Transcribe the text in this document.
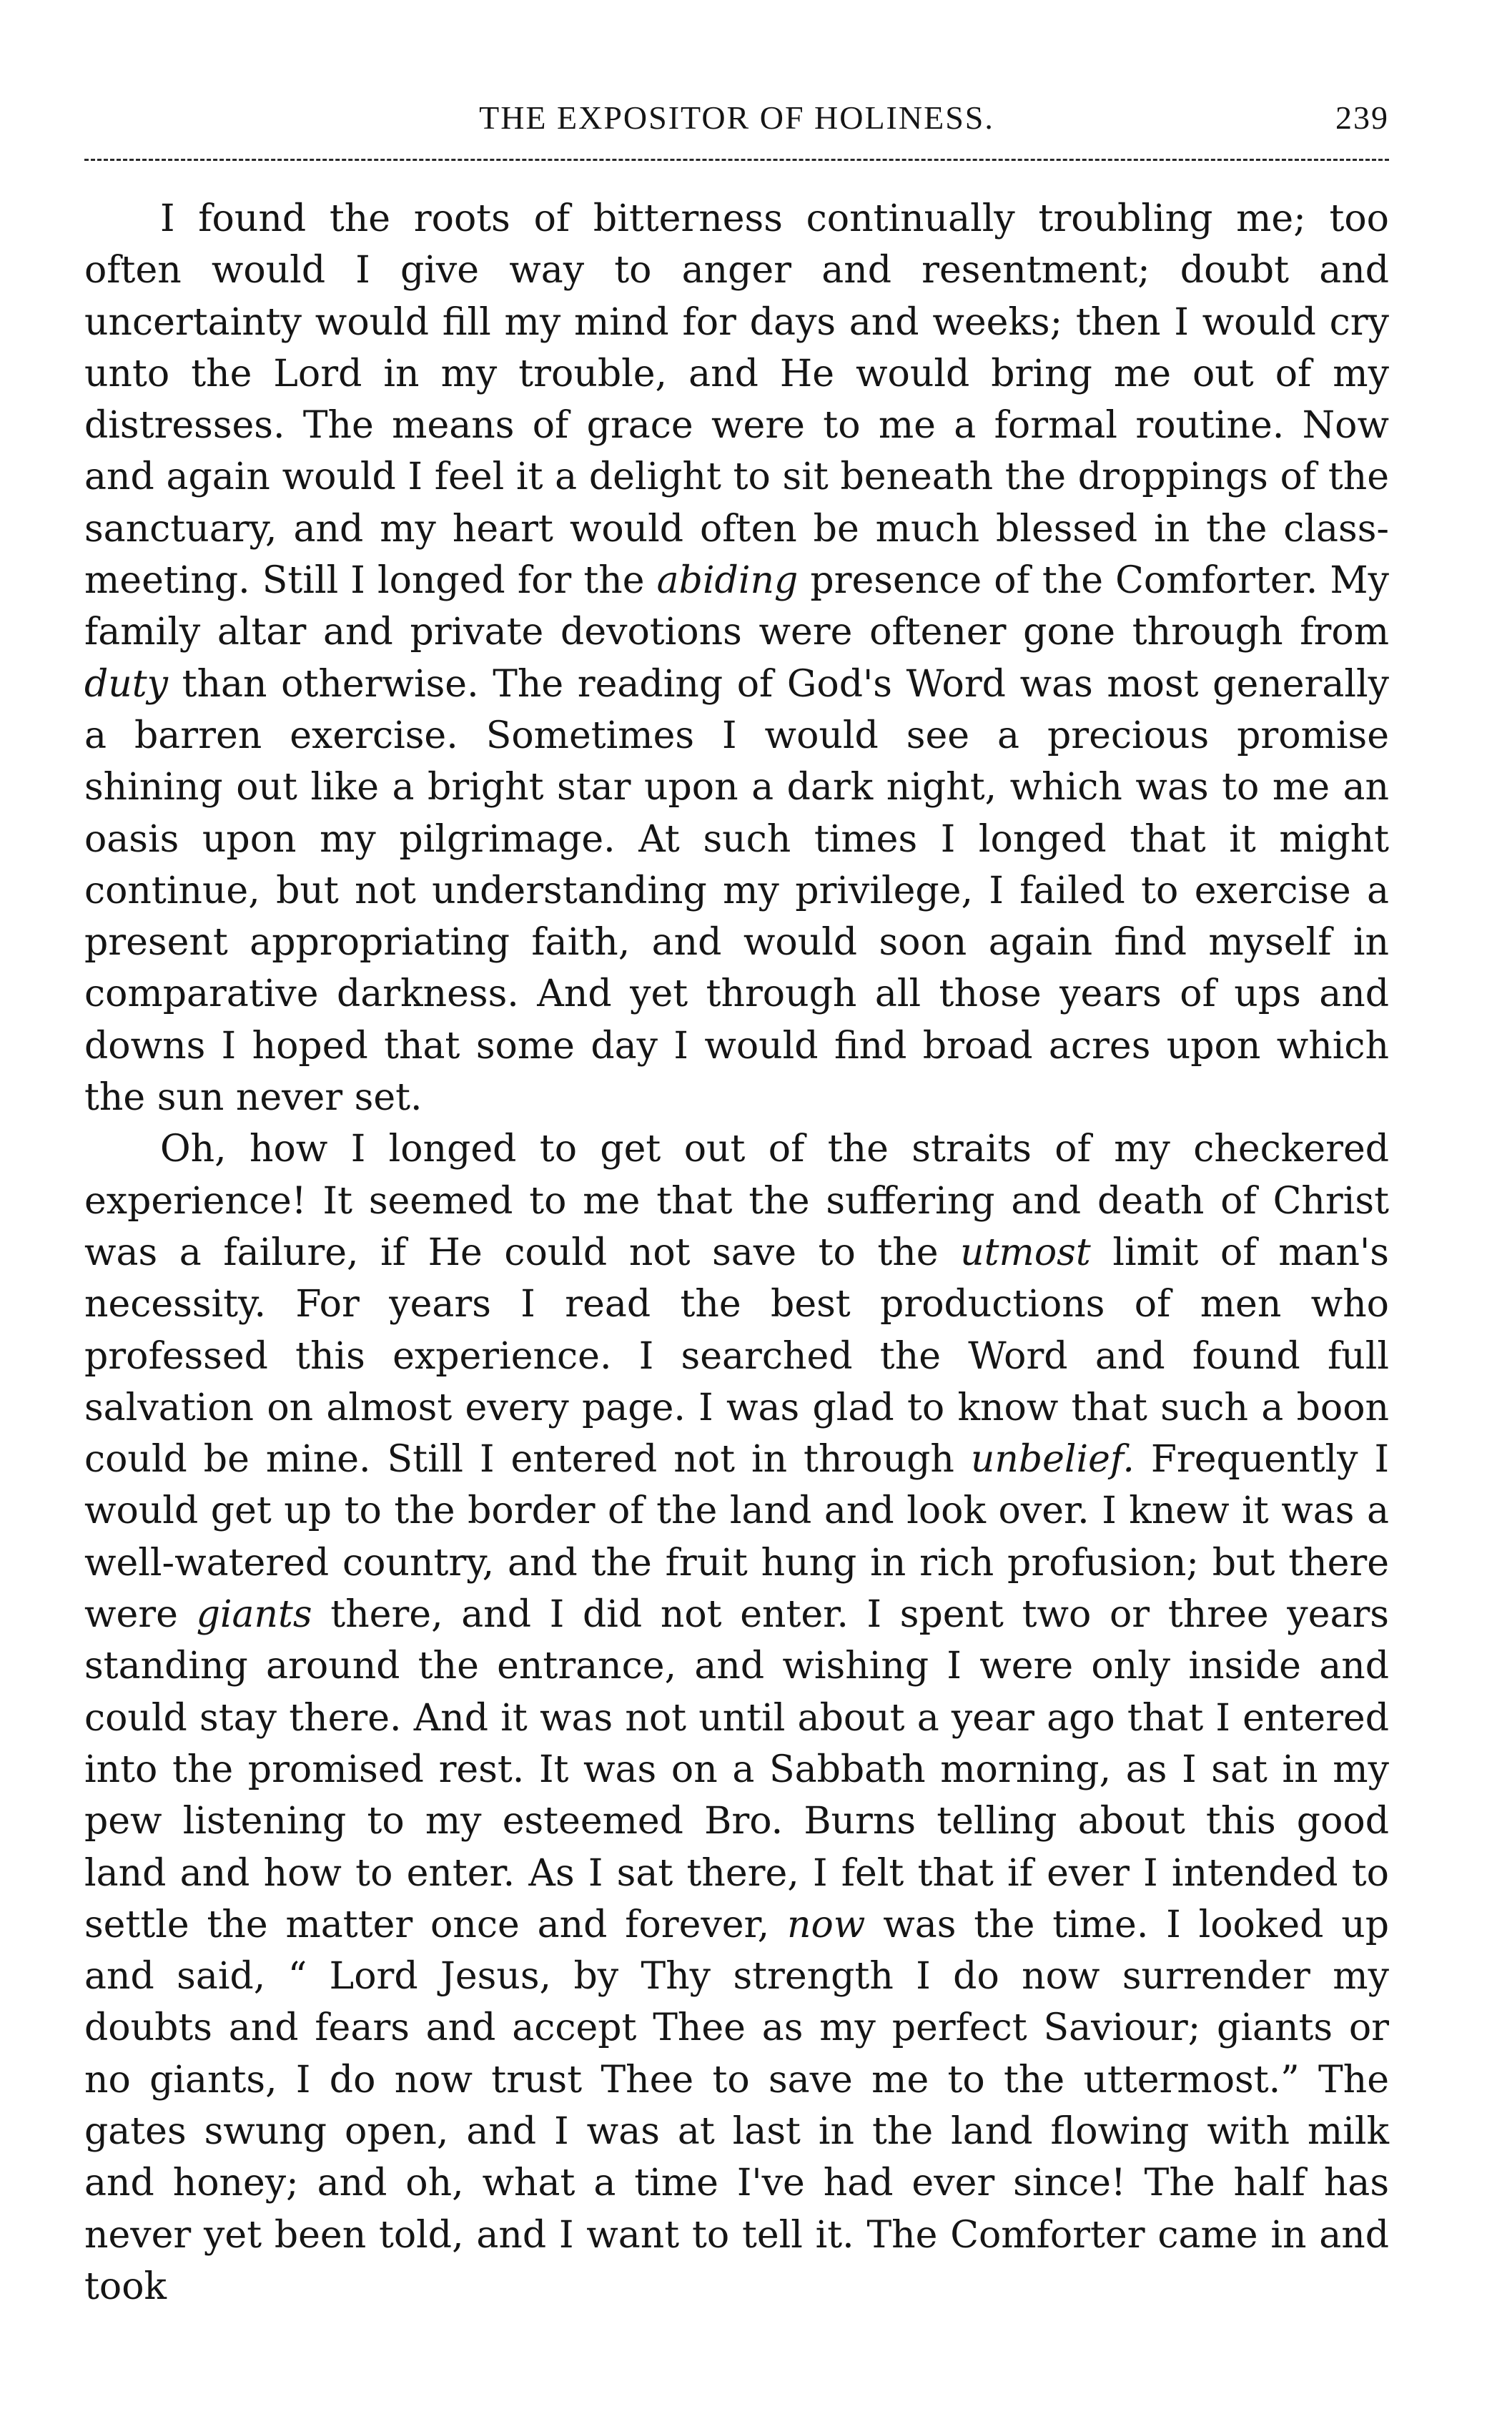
THE EXPOSITOR OF HOLINESS.	239

I found the roots of bitterness continually troubling me; too often would I give way to anger and resentment; doubt and uncertainty would fill my mind for days and weeks; then I would cry unto the Lord in my trouble, and He would bring me out of my distresses. The means of grace were to me a formal routine. Now and again would I feel it a delight to sit beneath the droppings of the sanctuary, and my heart would often be much blessed in the class-meeting. Still I longed for the abiding presence of the Comforter. My family altar and private devotions were oftener gone through from duty than otherwise. The reading of God's Word was most generally a barren exercise. Sometimes I would see a precious promise shining out like a bright star upon a dark night, which was to me an oasis upon my pilgrimage. At such times I longed that it might continue, but not understanding my privilege, I failed to exercise a present appropriating faith, and would soon again find myself in comparative darkness. And yet through all those years of ups and downs I hoped that some day I would find broad acres upon which the sun never set.

Oh, how I longed to get out of the straits of my checkered experience! It seemed to me that the suffering and death of Christ was a failure, if He could not save to the utmost limit of man's necessity. For years I read the best productions of men who professed this experience. I searched the Word and found full salvation on almost every page. I was glad to know that such a boon could be mine. Still I entered not in through unbelief. Frequently I would get up to the border of the land and look over. I knew it was a well-watered country, and the fruit hung in rich profusion; but there were giants there, and I did not enter. I spent two or three years standing around the entrance, and wishing I were only inside and could stay there. And it was not until about a year ago that I entered into the promised rest. It was on a Sabbath morning, as I sat in my pew listening to my esteemed Bro. Burns telling about this good land and how to enter. As I sat there, I felt that if ever I intended to settle the matter once and forever, now was the time. I looked up and said, “ Lord Jesus, by Thy strength I do now surrender my doubts and fears and accept Thee as my perfect Saviour; giants or no giants, I do now trust Thee to save me to the uttermost.” The gates swung open, and I was at last in the land flowing with milk and honey; and oh, what a time I've had ever since! The half has never yet been told, and I want to tell it. The Comforter came in and took
